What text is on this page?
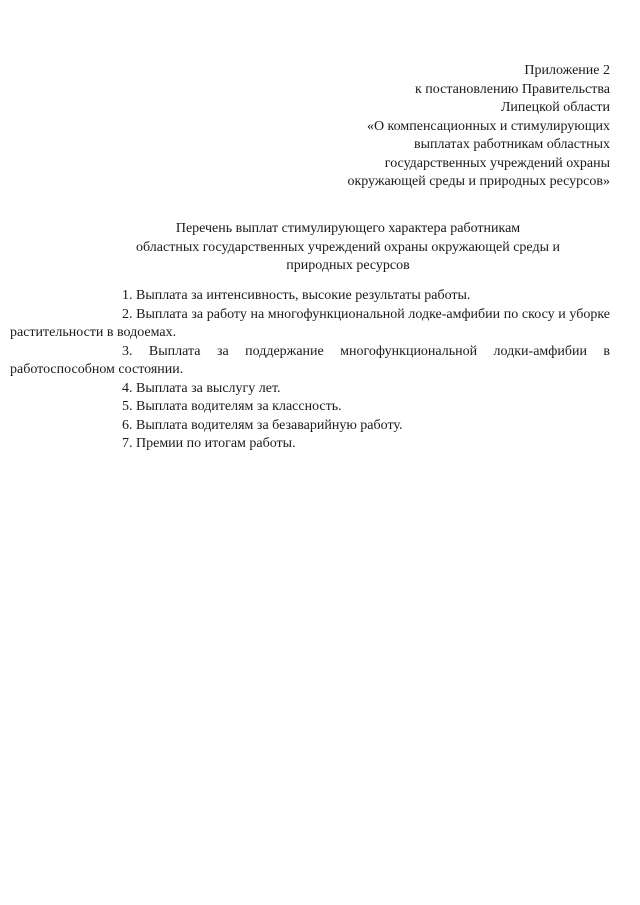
Приложение 2
к постановлению Правительства
Липецкой области
«О компенсационных и стимулирующих
выплатах работникам областных
государственных учреждений охраны
окружающей среды и природных ресурсов»
Перечень выплат стимулирующего характера работникам
областных государственных учреждений охраны окружающей среды и
природных ресурсов
1. Выплата за интенсивность, высокие результаты работы.
2. Выплата за работу на многофункциональной лодке-амфибии по скосу и уборке растительности в водоемах.
3. Выплата за поддержание многофункциональной лодки-амфибии в работоспособном состоянии.
4. Выплата за выслугу лет.
5. Выплата водителям за классность.
6. Выплата водителям за безаварийную работу.
7. Премии по итогам работы.
